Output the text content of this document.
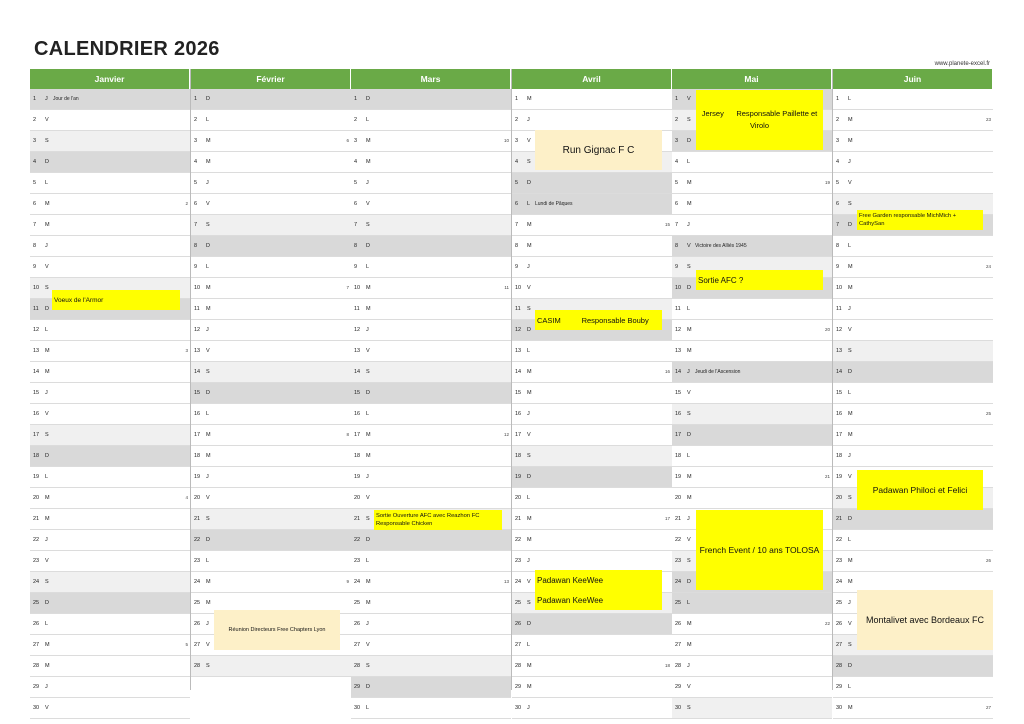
CALENDRIER 2026
www.planete-excel.fr
Janvier
1	J	Jour de l'an
2	V
3	S
4	D
5	L
6	M	2
7	M
8	J
9	V
10	S
11	D
12	L
13	M	3
14	M
15	J
16	V
17	S
18	D
19	L
20	M	4
21	M
22	J
23	V
24	S
25	D
26	L
27	M	5
28	M
29	J
30	V
Février
1	D
2	L
3	M	6
4	M
5	J
6	V
7	S
8	D
9	L
10	M	7
11	M
12	J
13	V
14	S
15	D
16	L
17	M	8
18	M
19	J
20	V
21	S
22	D
23	L
24	M	9
25	M
26	J
27	V
28	S
Mars
1	D
2	L
3	M	10
4	M
5	J
6	V
7	S
8	D
9	L
10	M	11
11	M
12	J
13	V
14	S
15	D
16	L
17	M	12
18	M
19	J
20	V
21	S
22	D
23	L
24	M	13
25	M
26	J
27	V
28	S
29	D
30	L
Avril
1	M
2	J
3	V
4	S
5	D
6	L Lundi de Pâques
7	M	15
8	M
9	J
10	V
11	S
12	D
13	L
14	M	16
15	M
16	J
17	V
18	S
19	D
20	L
21	M	17
22	M
23	J
24	V
25	S
26	D
27	L
28	M	18
29	M
30	J
Mai
1	V
2	S
3	D
4	L
5	M	19
6	M
7	J
8	V Victoire des Alliés 1945
9	S
10	D
11	L
12	M	20
13	M
14	J	Jeudi de l'Ascension
15	V
16	S
17	D
18	L
19	M	21
20	M
21	J
22	V
23	S
24	D
25	L
26	M	22
27	M
28	J
29	V
30	S
Juin
1	L
2	M	23
3	M
4	J
5	V
6	S
7	D
8	L
9	M	24
10	M
11	J
12	V
13	S
14	D
15	L
16	M	25
17	M
18	J
19	V
20	S
21	D
22	L
23	M	26
24	M
25	J
26	V
27	S
28	D
29	L
30	M	27
Voeux de l'Armor
Réunion Directeurs Free Chapters Lyon
Sortie Ouverture AFC avec Reazhon FC Responsable Chicken
Run Gignac F C
CASIM          Responsable Bouby
Padawan KeeWee
Padawan KeeWee
Jersey      Responsable Paillette et Virolo
Sortie AFC ?
French Event / 10 ans TOLOSA
Free Garden responsable MichMich + CathySan
Padawan Philoci et Felici
Montalivet avec Bordeaux FC
